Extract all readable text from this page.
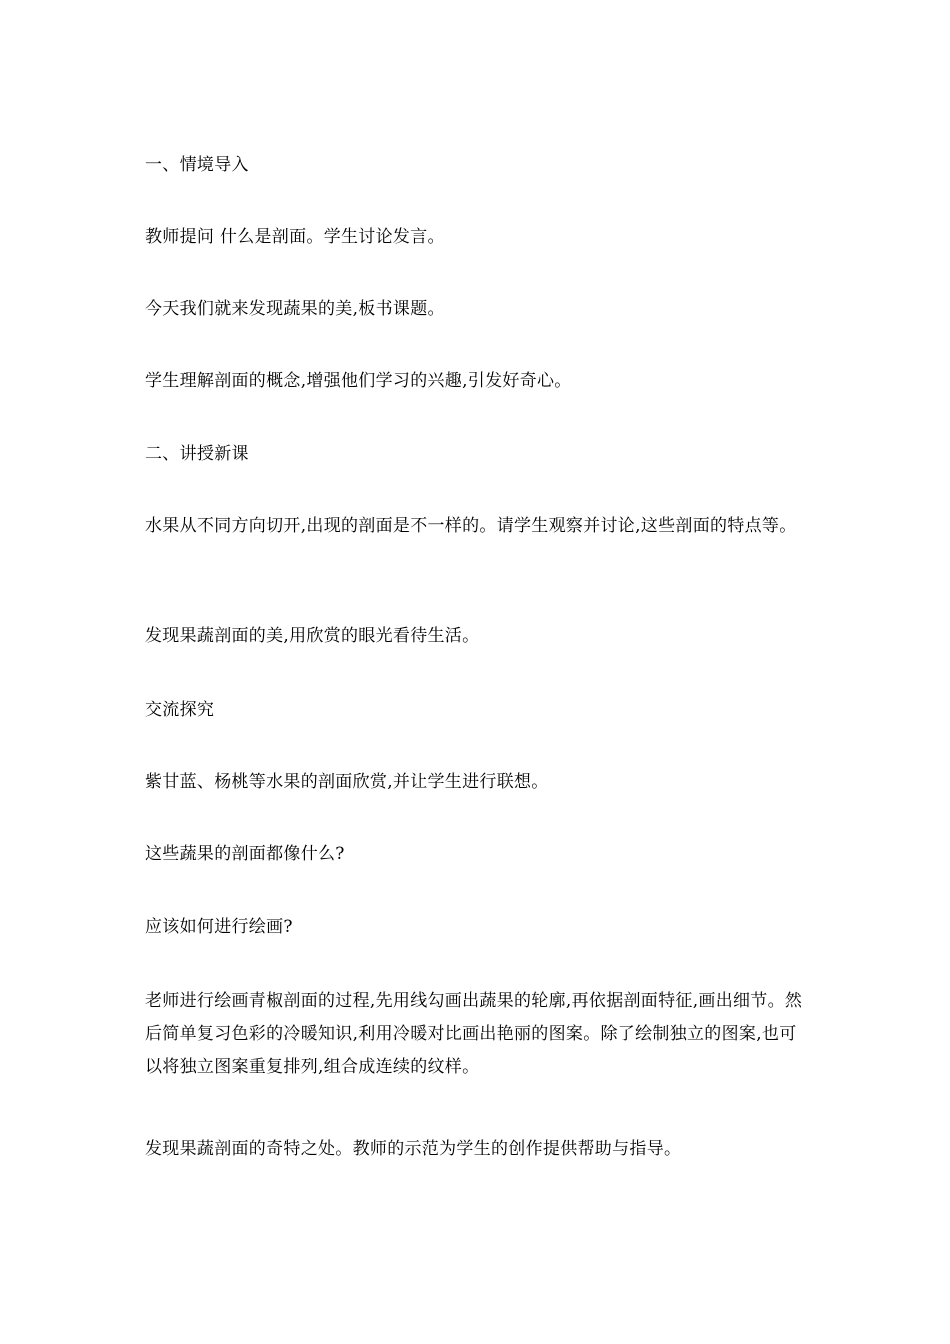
一、情境导入

教师提问 什么是剖面。学生讨论发言。

今天我们就来发现蔬果的美,板书课题。

学生理解剖面的概念,增强他们学习的兴趣,引发好奇心。

二、讲授新课

水果从不同方向切开,出现的剖面是不一样的。请学生观察并讨论,这些剖面的特点等。

发现果蔬剖面的美,用欣赏的眼光看待生活。

交流探究

紫甘蓝、杨桃等水果的剖面欣赏,并让学生进行联想。

这些蔬果的剖面都像什么?

应该如何进行绘画?

老师进行绘画青椒剖面的过程,先用线勾画出蔬果的轮廓,再依据剖面特征,画出细节。然后简单复习色彩的冷暖知识,利用冷暖对比画出艳丽的图案。除了绘制独立的图案,也可以将独立图案重复排列,组合成连续的纹样。

发现果蔬剖面的奇特之处。教师的示范为学生的创作提供帮助与指导。
